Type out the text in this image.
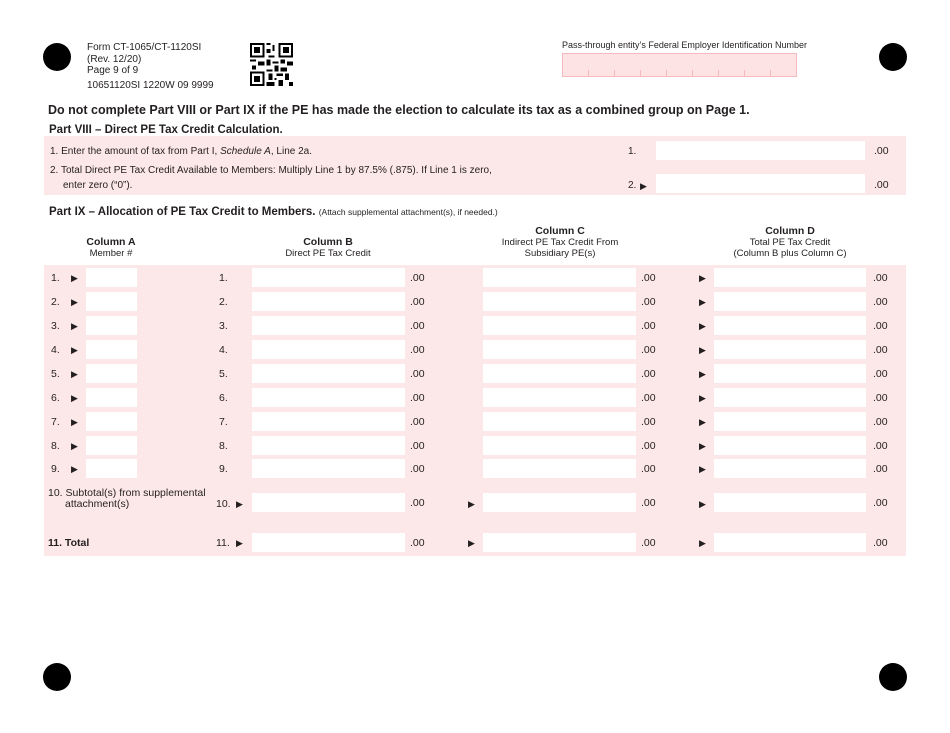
Form CT-1065/CT-1120SI
(Rev. 12/20)
Page 9 of 9
10651120SI 1220W 09 9999
Pass-through entity’s Federal Employer Identification Number
Do not complete Part VIII or Part IX if the PE has made the election to calculate its tax as a combined group on Page 1.
Part VIII – Direct PE Tax Credit Calculation.
1. Enter the amount of tax from Part I, Schedule A, Line 2a.	1.	.00
2. Total Direct PE Tax Credit Available to Members: Multiply Line 1 by 87.5% (.875). If Line 1 is zero,
enter zero (“0”).	2. ▶	.00
Part IX – Allocation of PE Tax Credit to Members. (Attach supplemental attachment(s), if needed.)
Column A
Member #
Column B
Direct PE Tax Credit
Column C
Indirect PE Tax Credit From
Subsidiary PE(s)
Column D
Total PE Tax Credit
(Column B plus Column C)
1. ▶	1.	.00	.00	▶	.00
2. ▶	2.	.00	.00	▶	.00
3. ▶	3.	.00	.00	▶	.00
4. ▶	4.	.00	.00	▶	.00
5. ▶	5.	.00	.00	▶	.00
6. ▶	6.	.00	.00	▶	.00
7. ▶	7.	.00	.00	▶	.00
8. ▶	8.	.00	.00	▶	.00
9. ▶	9.	.00	.00	▶	.00
10. Subtotal(s) from supplemental
attachment(s)	10. ▶	.00	▶	.00	▶	.00
11. Total	11. ▶	.00	▶	.00	▶	.00
